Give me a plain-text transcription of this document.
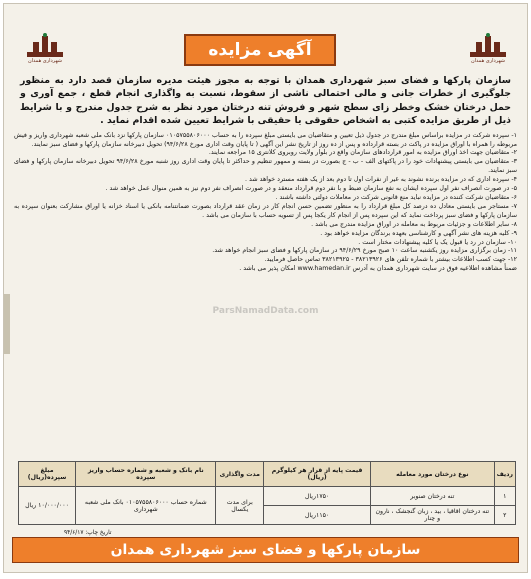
شهرداری همدان
آگهی مزایده
شهرداری همدان
سازمان پارکها و فضای سبز شهرداری همدان با توجه به مجوز هیئت مدیره سازمان قصد دارد به منظور جلوگیری از خطرات جانی و مالی احتمالی ناشی از سقوط، نسبت به واگذاری انجام قطع ، جمع آوری و حمل درختان خشک وخطر زای سطح شهر و فروش تنه درختان مورد نظر به شرح جدول مندرج و با شرایط ذیل از طریق مزایده کتبی به اشخاص حقوقی یا حقیقی با شرایط تعیین شده اقدام نماید .

۱- سپرده شرکت در مزایده براساس مبلغ مندرج در جدول ذیل تعیین و متقاضیان می بایستی مبلغ سپرده را به حساب ۰۱۰۵۷۵۵۸۰۶۰۰۰ سازمان پارکها نزد بانک ملی شعبه شهرداری واریز و فیش مربوطه را همراه با اوراق مزایده در پاکت در بسته قرارداده و پس از ده روز از تاریخ نشر این آگهی ( تا پایان وقت اداری مورخ ۹۴/۶/۲۸) تحویل دبیرخانه سازمان پارکها و فضای سبز نمایند.

۲- متقاضیان جهت اخذ اوراق مزایده به امور قراردادهای سازمان واقع در بلوار ولایت روبروی کلانتری ۱۵ مراجعه نمایند.

۳- متقاضیان می بایستی پیشنهادات خود را در پاکتهای الف - ب - ج بصورت در بسته و ممهور تنظیم و حداکثر تا پایان وقت اداری روز شنبه مورخ ۹۴/۶/۲۸ تحویل دبیرخانه سازمان پارکها و فضای سبز نمایند.

۴- سپرده اداری که در مزایده برنده نشوند به غیر از نفرات اول تا دوم بعد از یک هفته مسترد خواهد شد .

۵- در صورت انصراف نفر اول سپرده ایشان به نفع سازمان ضبط و با نفر دوم قرارداد منعقد و در صورت انصراف نفر دوم نیز به همین منوال عمل خواهد شد .

۶- متقاضیان شرکت کننده در مزایده نباید منع قانونی شرکت در معاملات دولتی داشته باشند .

۷- مستاجر می بایستی معادل ده درصد کل مبلغ قرارداد را به منظور تضمین حسن انجام کار در زمان عقد قرارداد بصورت ضمانتنامه بانکی یا اسناد خزانه یا اوراق مشارکت بعنوان سپرده به سازمان پارکها و فضای سبز پرداخت نماید که این سپرده پس از انجام کار یکجا پس از تسویه حساب با سازمان می باشد .

۸- سایر اطلاعات و جزئیات مربوط به معامله در اوراق مزایده مندرج می باشد .

۹- کلیه هزینه های نشر آگهی و کارشناسی بعهده برندگان مزایده خواهد بود .

۱۰- سازمان در رد یا قبول یک یا کلیه پیشنهادات مختار است .

۱۱- زمان برگزاری مزایده روز یکشنبه ساعت ۱۰ صبح مورخ ۹۴/۶/۲۹ در سازمان پارکها و فضای سبز انجام خواهد شد.

۱۲- جهت کسب اطلاعات بیشتر با شماره تلفن های ۳۸۲۱۳۹۲۶ - ۳۸۲۱۳۹۲۵ تماس حاصل فرمایید.

ضمناً مشاهده اطلاعیه فوق در سایت شهرداری همدان به آدرس www.hamedan.ir امکان پذیر می باشد .

ParsNamadData.com
ردیف	نوع درختان مورد معامله	قیمت پایه از قرار هر کیلوگرم (ریال)	مدت واگذاری	نام بانک و شعبه و شماره حساب واریز سپرده	مبلغ سپرده(ریال)
۱	تنه درختان صنوبر	۱۷۵۰ریال	برای مدت یکسال	شماره حساب ۰۱۰۵۷۵۵۸۰۶۰۰۰ بانک ملی شعبه شهرداری	۱۰/۰۰۰/۰۰۰ ریال
۲	تنه درختان اقاقیا ، بید ، زبان گنجشک ، نارون و چنار	۱۱۵۰ریال			
تاریخ چاپ: ۹۴/۶/۱۷
سازمان پارکها و فضای سبز شهرداری همدان
